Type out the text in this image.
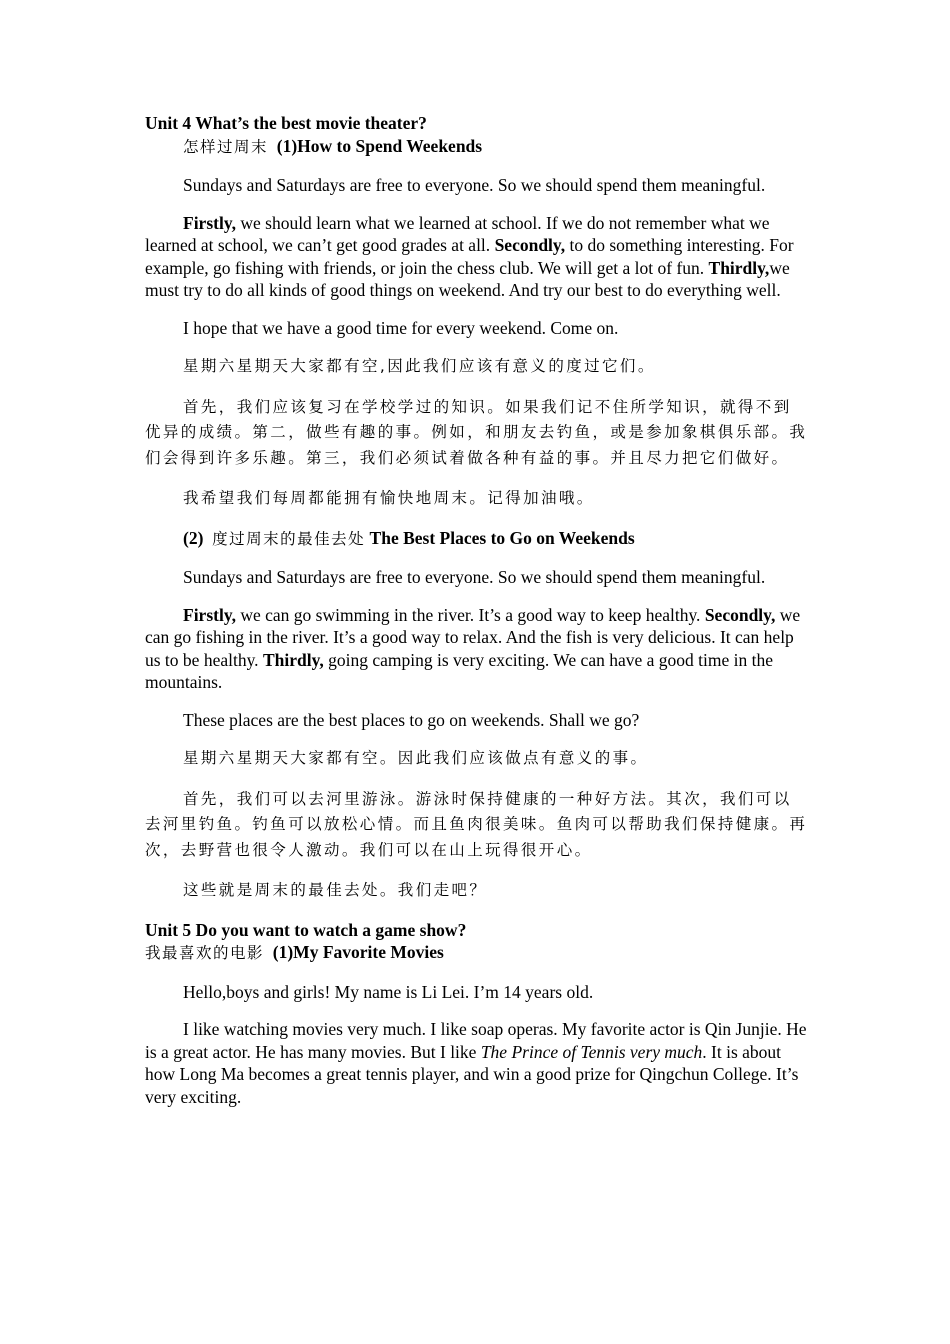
Unit 4 What’s the best movie theater?
怎样过周末 (1)How to Spend Weekends

Sundays and Saturdays are free to everyone. So we should spend them meaningful.

Firstly, we should learn what we learned at school. If we do not remember what we learned at school, we can’t get good grades at all. Secondly, to do something interesting. For example, go fishing with friends, or join the chess club. We will get a lot of fun. Thirdly,we must try to do all kinds of good things on weekend. And try our best to do everything well.

I hope that we have a good time for every weekend. Come on.

星期六星期天大家都有空,因此我们应该有意义的度过它们。

首先，我们应该复习在学校学过的知识。如果我们记不住所学知识，就得不到优异的成绩。第二，做些有趣的事。例如，和朋友去钓鱼，或是参加象棋俱乐部。我们会得到许多乐趣。第三，我们必须试着做各种有益的事。并且尽力把它们做好。

我希望我们每周都能拥有愉快地周末。记得加油哦。

(2) 度过周末的最佳去处 The Best Places to Go on Weekends

Sundays and Saturdays are free to everyone. So we should spend them meaningful.

Firstly, we can go swimming in the river. It’s a good way to keep healthy. Secondly, we can go fishing in the river. It’s a good way to relax. And the fish is very delicious. It can help us to be healthy. Thirdly, going camping is very exciting. We can have a good time in the mountains.

These places are the best places to go on weekends. Shall we go?

星期六星期天大家都有空。因此我们应该做点有意义的事。

首先，我们可以去河里游泳。游泳时保持健康的一种好方法。其次，我们可以去河里钓鱼。钓鱼可以放松心情。而且鱼肉很美味。鱼肉可以帮助我们保持健康。再次，去野营也很令人激动。我们可以在山上玩得很开心。

这些就是周末的最佳去处。我们走吧？

Unit 5 Do you want to watch a game show?
我最喜欢的电影 (1)My Favorite Movies

Hello,boys and girls! My name is Li Lei. I’m 14 years old.

I like watching movies very much. I like soap operas. My favorite actor is Qin Junjie. He is a great actor. He has many movies. But I like The Prince of Tennis very much. It is about how Long Ma becomes a great tennis player, and win a good prize for Qingchun College. It’s very exciting.
